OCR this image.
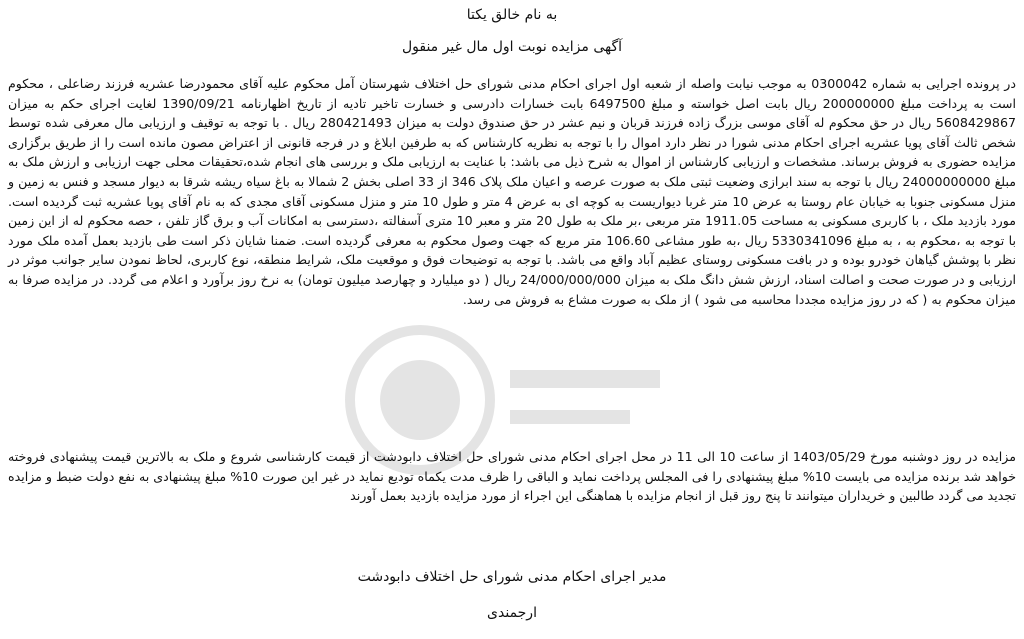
به نام خالق یکتا
آگهی مزایده نوبت اول مال غیر منقول

در پرونده اجرایی به شماره 0300042 به موجب نیابت واصله از شعبه اول اجرای احکام مدنی شورای حل اختلاف شهرستان آمل محکوم علیه آقای محمودرضا عشریه فرزند رضاعلی ، محکوم است به پرداخت مبلغ 200000000 ریال بابت اصل خواسته و مبلغ 6497500 بابت خسارات دادرسی و خسارت تاخیر تادیه از تاریخ اظهارنامه 1390/09/21 لغایت اجرای حکم به میزان 5608429867 ریال در حق محکوم له آقای موسی بزرگ زاده فرزند قربان و نیم عشر در حق صندوق دولت به میزان 280421493 ریال . با توجه به توقیف و ارزیابی مال معرفی شده توسط شخص ثالث آقای پویا عشریه اجرای احکام مدنی شورا در نظر دارد اموال را با توجه به نظریه کارشناس که به طرفین ابلاغ و در فرجه قانونی از اعتراض مصون مانده است را از طریق برگزاری مزایده حضوری به فروش برساند. مشخصات و ارزیابی کارشناس از اموال به شرح ذیل می باشد: با عنایت به ارزیابی ملک و بررسی های انجام شده،تحقیقات محلی جهت ارزیابی و ارزش ملک به مبلغ 24000000000 ریال با توجه به سند ابرازی وضعیت ثبتی ملک به صورت عرصه و اعیان ملک پلاک 346 از 33 اصلی بخش 2 شمالا به باغ سیاه ریشه شرقا به دیوار مسجد و فنس به زمین و منزل مسکونی جنوبا به خیابان عام روستا به عرض 10 متر غربا دیواریست به کوچه ای به عرض 4 متر و طول 10 متر و منزل مسکونی آقای مجدی که به نام آقای پویا عشریه ثبت گردیده است. مورد بازدید ملک ، با کاربری مسکونی به مساحت 1911.05 متر مربعی ،بر ملک به طول 20 متر و معبر 10 متری آسفالته ،دسترسی به امکانات آب و برق گاز تلفن ، حصه محکوم له از این زمین با توجه به ،محکوم به ، به مبلغ 5330341096 ریال ،به طور مشاعی 106.60 متر مربع که جهت وصول محکوم به معرفی گردیده است. ضمنا شایان ذکر است طی بازدید بعمل آمده ملک مورد نظر با پوشش گیاهان خودرو بوده و در بافت مسکونی روستای عظیم آباد واقع می باشد. با توجه به توضیحات فوق و موقعیت ملک، شرایط منطقه، نوع کاربری، لحاظ نمودن سایر جوانب موثر در ارزیابی و در صورت صحت و اصالت اسناد، ارزش شش دانگ ملک به میزان 24/000/000/000 ریال ( دو میلیارد و چهارصد میلیون تومان) به نرخ روز برآورد و اعلام می گردد. در مزایده صرفا به میزان محکوم به ( که در روز مزایده مجددا محاسبه می شود ) از ملک به صورت مشاع به فروش می رسد.

مزایده در روز دوشنبه مورخ 1403/05/29 از ساعت 10 الی 11 در محل اجرای احکام مدنی شورای حل اختلاف دابودشت از قیمت کارشناسی شروع و ملک به بالاترین قیمت پیشنهادی فروخته خواهد شد برنده مزایده می بایست 10% مبلغ پیشنهادی را فی المجلس پرداخت نماید و الباقی را ظرف مدت یکماه تودیع نماید در غیر این صورت 10% مبلغ پیشنهادی به نفع دولت ضبط و مزایده تجدید می گردد طالبین و خریداران میتوانند تا پنج روز قبل از انجام مزایده با هماهنگی این اجراء از مورد مزایده بازدید بعمل آورند

مدیر اجرای احکام مدنی شورای حل اختلاف دابودشت
ارجمندی
